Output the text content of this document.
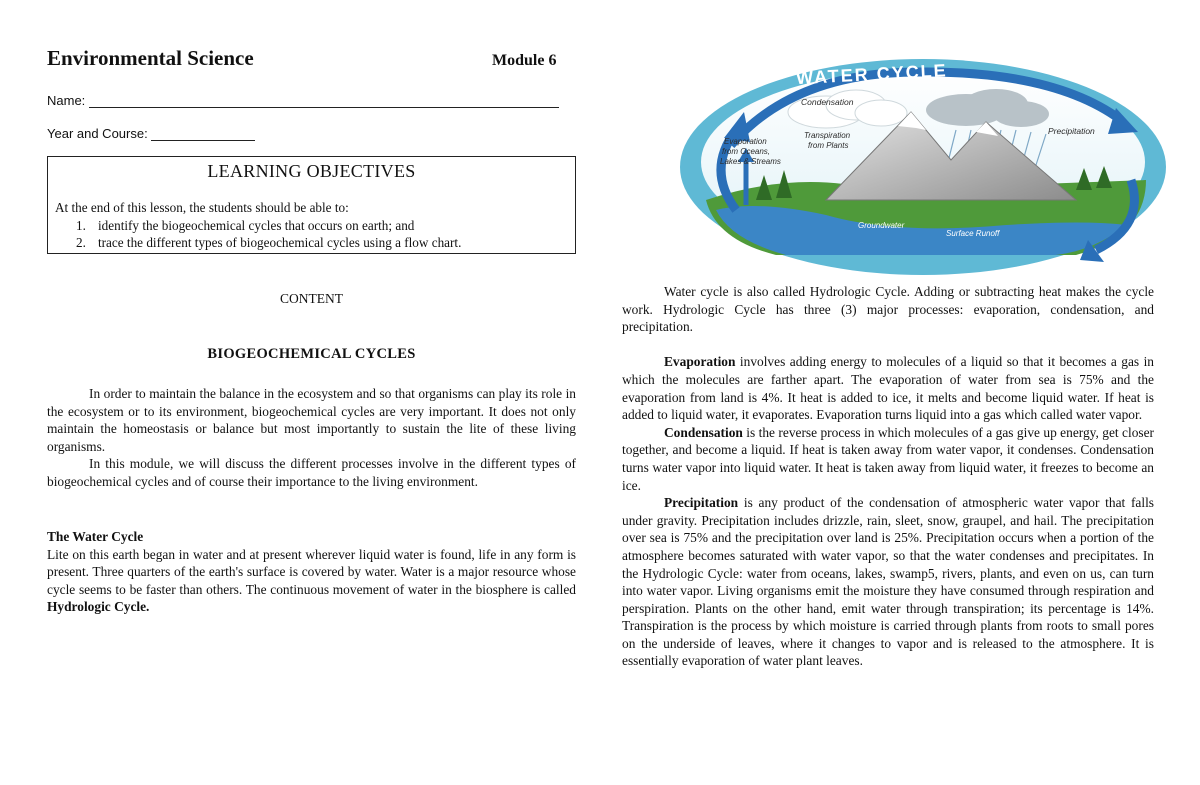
Environmental Science	Module 6
Name:
Year and Course:
LEARNING OBJECTIVES
At the end of this lesson, the students should be able to:
1. identify the biogeochemical cycles that occurs on earth; and
2. trace the different types of biogeochemical cycles using a flow chart.
CONTENT
BIOGEOCHEMICAL CYCLES

In order to maintain the balance in the ecosystem and so that organisms can play its role in the ecosystem or to its environment, biogeochemical cycles are very important. It does not only maintain the homeostasis or balance but most importantly to sustain the lite of these living organisms.

In this module, we will discuss the different processes involve in the different types of biogeochemical cycles and of course their importance to the living environment.

The Water Cycle

Lite on this earth began in water and at present wherever liquid water is found, life in any form is present. Three quarters of the earth's surface is covered by water. Water is a major resource whose cycle seems to be faster than others. The continuous movement of water in the biosphere is called Hydrologic Cycle.

WATER CYCLE
Condensation
Evaporation from Oceans, Lakes & Streams
Transpiration from Plants
Precipitation
Groundwater
Surface Runoff

Water cycle is also called Hydrologic Cycle. Adding or subtracting heat makes the cycle work. Hydrologic Cycle has three (3) major processes: evaporation, condensation, and precipitation.

Evaporation involves adding energy to molecules of a liquid so that it becomes a gas in which the molecules are farther apart. The evaporation of water from sea is 75% and the evaporation from land is 4%. It heat is added to ice, it melts and become liquid water. If heat is added to liquid water, it evaporates. Evaporation turns liquid into a gas which called water vapor.

Condensation is the reverse process in which molecules of a gas give up energy, get closer together, and become a liquid. If heat is taken away from water vapor, it condenses. Condensation turns water vapor into liquid water. It heat is taken away from liquid water, it freezes to become an ice.

Precipitation is any product of the condensation of atmospheric water vapor that falls under gravity. Precipitation includes drizzle, rain, sleet, snow, graupel, and hail. The precipitation over sea is 75% and the precipitation over land is 25%. Precipitation occurs when a portion of the atmosphere becomes saturated with water vapor, so that the water condenses and precipitates. In the Hydrologic Cycle: water from oceans, lakes, swamp5, rivers, plants, and even on us, can turn into water vapor. Living organisms emit the moisture they have consumed through respiration and perspiration. Plants on the other hand, emit water through transpiration; its percentage is 14%. Transpiration is the process by which moisture is carried through plants from roots to small pores on the underside of leaves, where it changes to vapor and is released to the atmosphere. It is essentially evaporation of water plant leaves.
